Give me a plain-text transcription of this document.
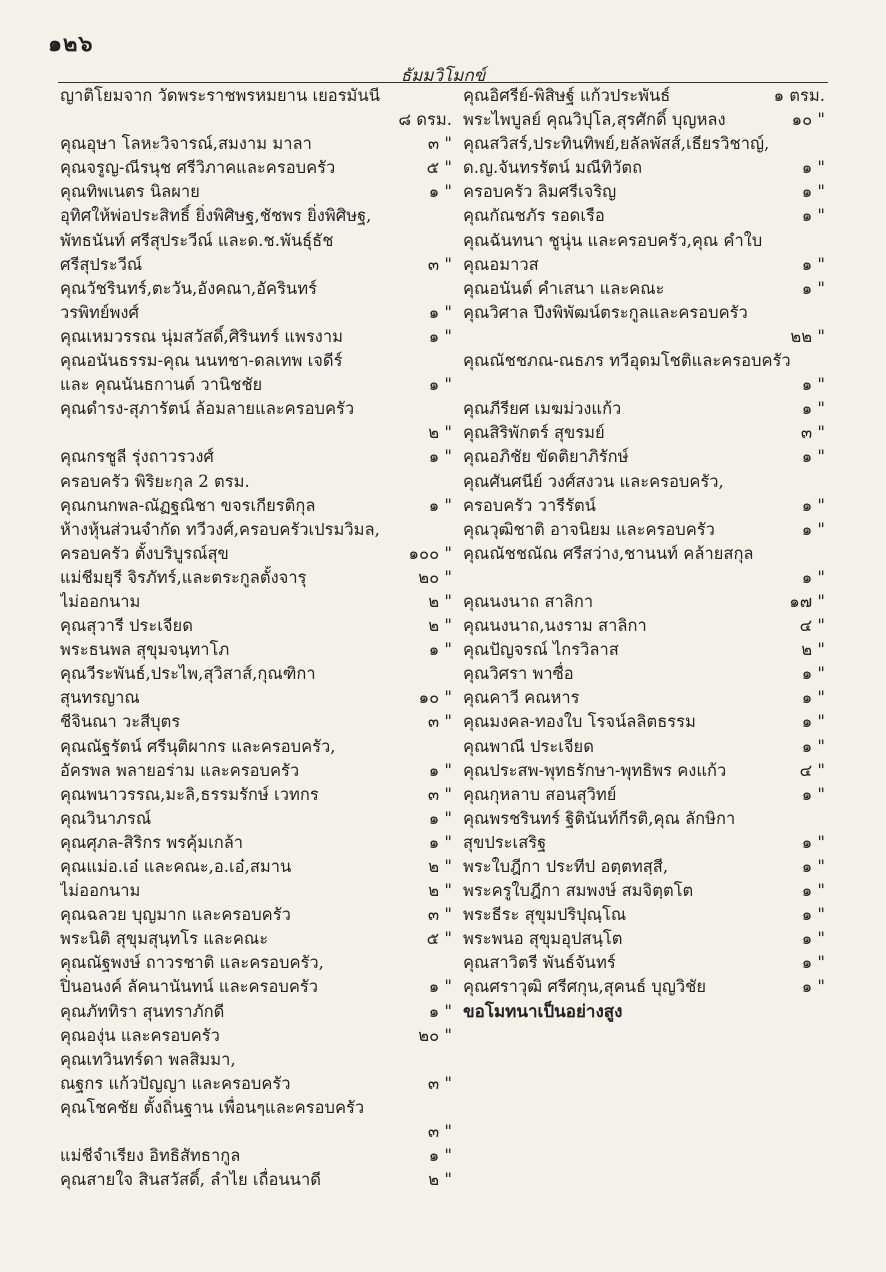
๑๒๖
ธัมมวิโมกข์
ญาติโยมจาก วัดพระราชพรหมยาน เยอรมันนี
๘ ดรม.
คุณอุษา โลหะวิจารณ์,สมงาม มาลา	๓ "
คุณจรูญ-ณีรนุช ศรีวิภาคและครอบครัว	๕ "
คุณทิพเนตร นิลผาย	๑ "
อุทิศให้พ่อประสิทธิ์ ยิ่งพิศิษฐ,ชัชพร ยิ่งพิศิษฐ,
พัทธนันท์ ศรีสุประวีณ์ และด.ช.พันธุ์ธัช
ศรีสุประวีณ์	๓ "
คุณวัชรินทร์,ตะวัน,อังคณา,อัครินทร์
วรพิทย์พงศ์	๑ "
คุณเหมวรรณ นุ่มสวัสดิ์,ศิรินทร์ แพรงาม	๑ "
คุณอนันธรรม-คุณ นนทชา-ดลเทพ เจดีร์
และ คุณนันธกานต์ วานิชชัย	๑ "
คุณดำรง-สุภารัตน์ ล้อมลายและครอบครัว
๒ "
คุณกรชูลี รุ่งถาวรวงศ์	๑ "
ครอบครัว พิริยะกุล 2 ตรม.
คุณกนกพล-ณัฏฐณิชา ขจรเกียรติกุล	๑ "
ห้างหุ้นส่วนจำกัด ทวีวงศ์,ครอบครัวเปรมวิมล,
ครอบครัว ตั้งบริบูรณ์สุข	๑๐๐ "
แม่ชีมยุรี จิรภัทร์,และตระกูลตั้งจารุ	๒๐ "
ไม่ออกนาม	๒ "
คุณสุวารี ประเจียด	๒ "
พระธนพล สุขุมจนฺทาโภ	๑ "
คุณวีระพันธ์,ประไพ,สุวิสาส์,กุณฑิกา
สุนทรญาณ	๑๐ "
ชีจินณา วะสีบุตร	๓ "
คุณณัฐรัตน์ ศรีนุติผากร และครอบครัว,
อัครพล พลายอร่าม และครอบครัว	๑ "
คุณพนาวรรณ,มะลิ,ธรรมรักษ์ เวทกร	๓ "
คุณวินาภรณ์	๑ "
คุณศุภล-สิริกร พรคุ้มเกล้า	๑ "
คุณแม่อ.เอ๋ และคณะ,อ.เอ๋,สมาน	๒ "
ไม่ออกนาม	๒ "
คุณฉลวย บุญมาก และครอบครัว	๓ "
พระนิติ สุขุมสุนฺทโร และคณะ	๕ "
คุณณัฐพงษ์ ถาวรชาติ และครอบครัว,
ปิ่นอนงค์ ลัคนานันทน์ และครอบครัว	๑ "
คุณภัททิรา สุนทราภักดี	๑ "
คุณองุ่น และครอบครัว	๒๐ "
คุณเทวินทร์ดา พลสิมมา,
ณฐกร แก้วปัญญา และครอบครัว	๓ "
คุณโชคชัย ตั้งถิ่นฐาน เพื่อนๆและครอบครัว
๓ "
แม่ชีจำเรียง อิทธิสัทธากูล	๑ "
คุณสายใจ สินสวัสดิ์, ลำไย เถื่อนนาดี	๒ "
คุณอิศรีย์-พิสิษฐ์ แก้วประพันธ์	๑ ตรม.
พระไพบูลย์ คุณวิปุโล,สุรศักดิ์ บุญหลง	๑๐ "
คุณสวิสร์,ประทินทิพย์,ยลัลพัสส์,เธียรวิชาญ์,
ด.ญ.จันทรรัตน์ มณีทิวัตถ	๑ "
ครอบครัว ลิมศรีเจริญ	๑ "
คุณกัณชภัร รอดเรือ	๑ "
คุณฉันทนา ชูนุ่น และครอบครัว,คุณ คำใบ
คุณอมาวส	๑ "
คุณอนันต์ คำเสนา และคณะ	๑ "
คุณวิศาล ปึงพิพัฒน์ตระกูลและครอบครัว
๒๒ "
คุณณัชชภณ-ณธภร ทวีอุดมโชติและครอบครัว
๑ "
คุณภีรียศ เมฆม่วงแก้ว	๑ "
คุณสิริพักตร์ สุขรมย์	๓ "
คุณอภิชัย ขัดติยาภิรักษ์	๑ "
คุณศันศนีย์ วงศ์สงวน และครอบครัว,
ครอบครัว วารีรัตน์	๑ "
คุณวุฒิชาติ อาจนิยม และครอบครัว	๑ "
คุณณัชชณัณ ศรีสว่าง,ชานนท์ คล้ายสกุล
๑ "
คุณนงนาถ สาลิกา	๑๗ "
คุณนงนาถ,นงราม สาลิกา	๔ "
คุณปัญจรณ์ ไกรวิลาส	๒ "
คุณวิศรา พาซื่อ	๑ "
คุณคาวี คณหาร	๑ "
คุณมงคล-ทองใบ โรจน์ลลิตธรรม	๑ "
คุณพาณี ประเจียด	๑ "
คุณประสพ-พุทธรักษา-พุทธิพร คงแก้ว	๔ "
คุณกุหลาบ สอนสุวิทย์	๑ "
คุณพรชรินทร์ ฐิตินันท์กีรติ,คุณ ลักษิกา
สุขประเสริฐ	๑ "
พระใบฎีกา ประทีป อตฺตทสฺสี,	๑ "
พระครูใบฎีกา สมพงษ์ สมจิตฺตโต	๑ "
พระธีระ สุขุมปริปุณฺโณ	๑ "
พระพนอ สุขุมอุปสนฺโต	๑ "
คุณสาวิตรี พันธ์จันทร์	๑ "
คุณศราวุฒิ ศรีศกุน,สุคนธ์ บุญวิชัย	๑ "
ขอโมทนาเป็นอย่างสูง
